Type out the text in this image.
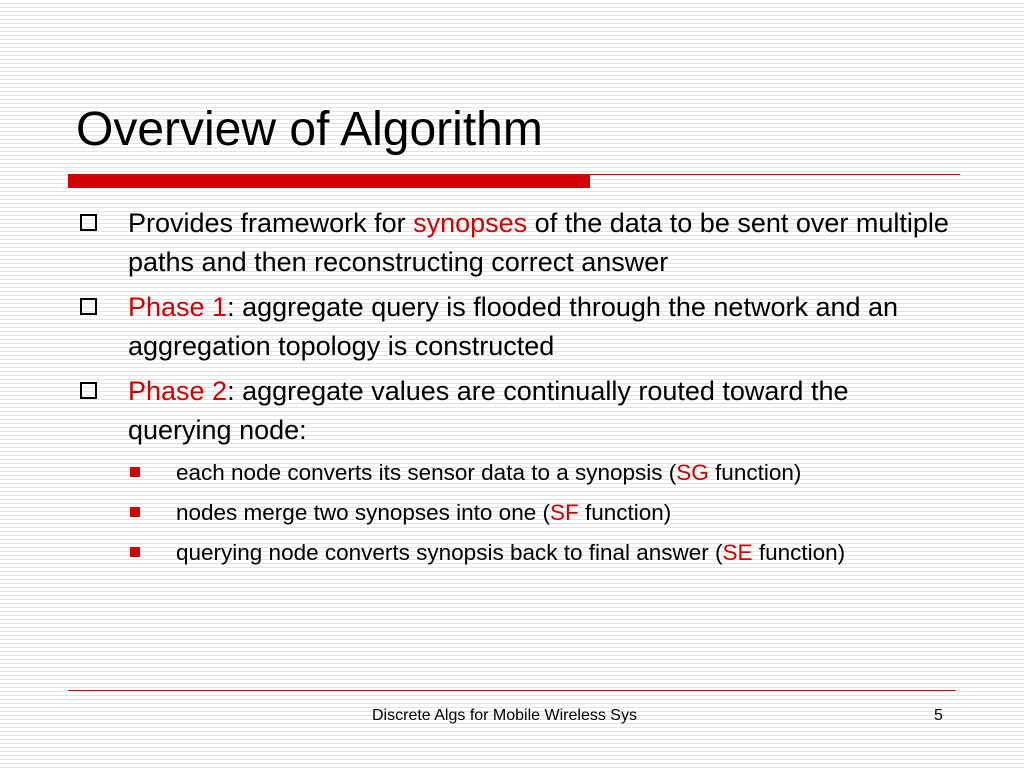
Overview of Algorithm
Provides framework for synopses of the data to be sent over multiple paths and then reconstructing correct answer
Phase 1: aggregate query is flooded through the network and an aggregation topology is constructed
Phase 2: aggregate values are continually routed toward the querying node:
each node converts its sensor data to a synopsis (SG function)
nodes merge two synopses into one (SF function)
querying node converts synopsis back to final answer (SE function)
Discrete Algs for Mobile Wireless Sys	5
